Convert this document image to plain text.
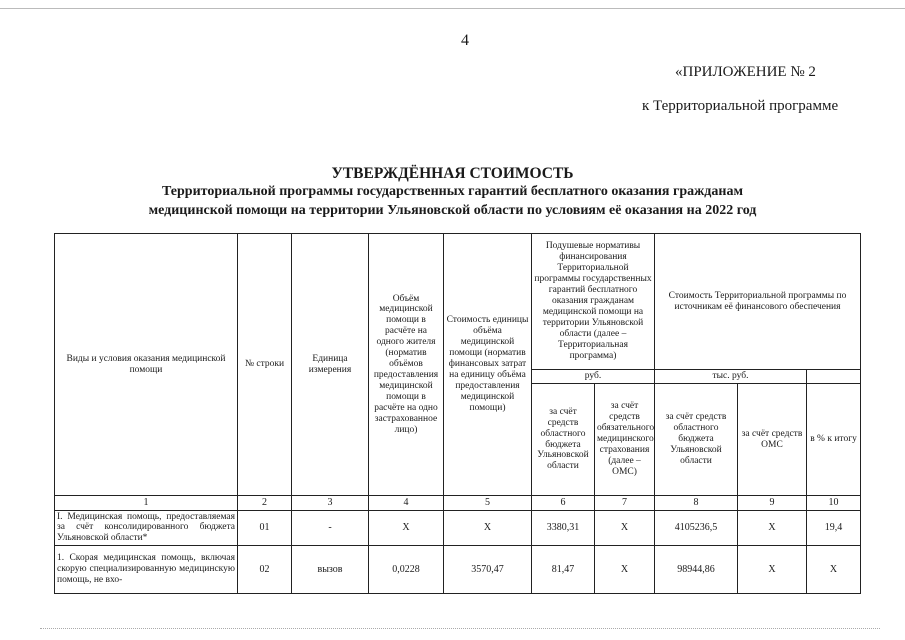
4
«ПРИЛОЖЕНИЕ № 2
к Территориальной программе
УТВЕРЖДЁННАЯ СТОИМОСТЬ
Территориальной программы государственных гарантий бесплатного оказания гражданам
медицинской помощи на территории Ульяновской области по условиям её оказания на 2022 год
Виды и условия оказания медицинской помощи	№ строки	Единица измерения	Объём медицинской помощи в расчёте на одного жителя (норматив объёмов предоставления медицинской помощи в расчёте на одно застрахованное лицо)	Стоимость единицы объёма медицинской помощи (норматив финансовых затрат на единицу объёма предоставления медицинской помощи)	Подушевые нормативы финансирования Территориальной программы государственных гарантий бесплатного оказания гражданам медицинской помощи на территории Ульяновской области (далее – Территориальная программа)		Стоимость Территориальной программы по источникам её финансового обеспечения		
					руб.		тыс. руб.		
					за счёт средств областного бюджета Ульяновской области	за счёт средств обязательного медицинского страхования (далее – ОМС)	за счёт средств областного бюджета Ульяновской области	за счёт средств ОМС	в % к итогу
1	2	3	4	5	6	7	8	9	10
I. Медицинская помощь, предоставляемая за счёт консолидированного бюджета Ульяновской области*	01	-	X	X	3380,31	X	4105236,5	X	19,4
1. Скорая медицинская помощь, включая скорую специализированную медицинскую помощь, не вхо-	02	вызов	0,0228	3570,47	81,47	X	98944,86	X	X
